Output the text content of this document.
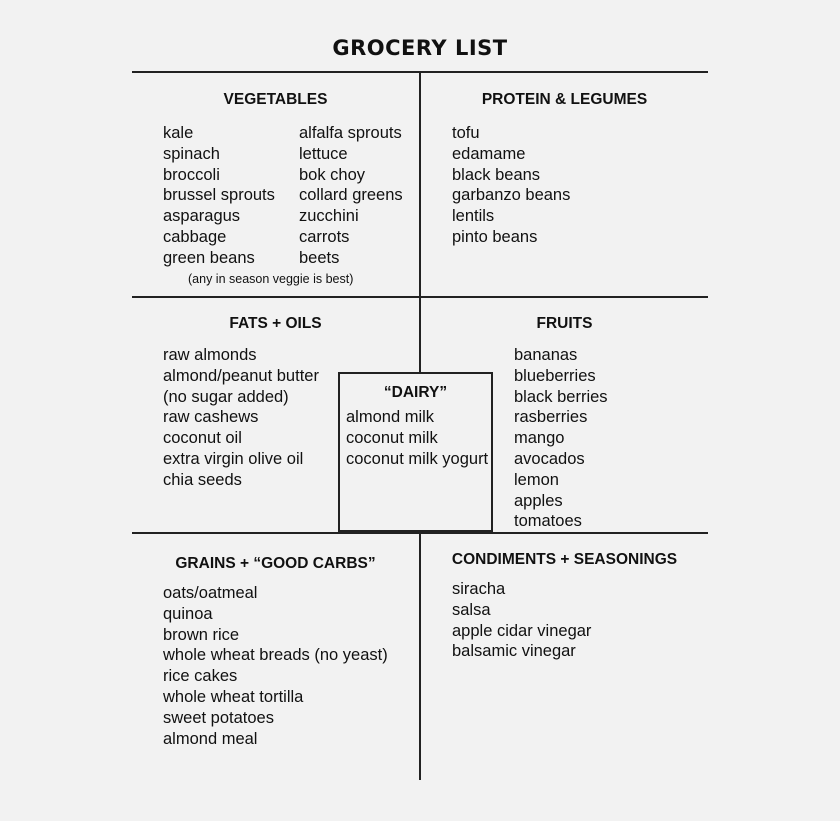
GROCERY LIST
VEGETABLES
kale
spinach
broccoli
brussel sprouts
asparagus
cabbage
green beans
alfalfa sprouts
lettuce
bok choy
collard greens
zucchini
carrots
beets
(any in season veggie is best)
PROTEIN & LEGUMES
tofu
edamame
black beans
garbanzo beans
lentils
pinto beans
FATS + OILS
raw almonds
almond/peanut butter
(no sugar added)
raw cashews
coconut oil
extra virgin olive oil
chia seeds
“DAIRY”
almond milk
coconut milk
coconut milk yogurt
FRUITS
bananas
blueberries
black berries
rasberries
mango
avocados
lemon
apples
tomatoes
GRAINS + “GOOD CARBS”
oats/oatmeal
quinoa
brown rice
whole wheat breads (no yeast)
rice cakes
whole wheat tortilla
sweet potatoes
almond meal
CONDIMENTS + SEASONINGS
siracha
salsa
apple cidar vinegar
balsamic vinegar
